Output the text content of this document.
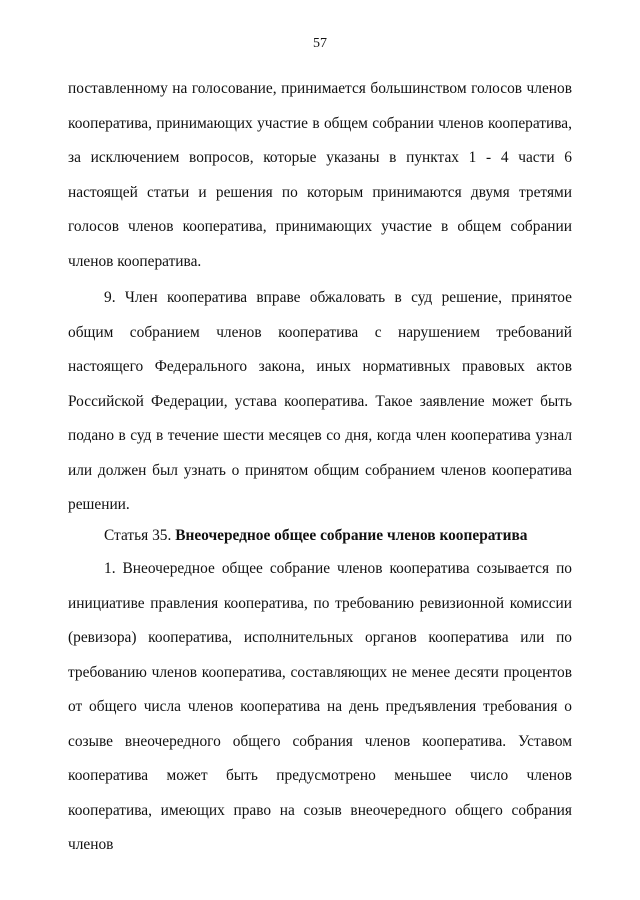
57

поставленному на голосование, принимается большинством голосов членов кооператива, принимающих участие в общем собрании членов кооператива, за исключением вопросов, которые указаны в пунктах 1 - 4 части 6 настоящей статьи и решения по которым принимаются двумя третями голосов членов кооператива, принимающих участие в общем собрании членов кооператива.

9. Член кооператива вправе обжаловать в суд решение, принятое общим собранием членов кооператива с нарушением требований настоящего Федерального закона, иных нормативных правовых актов Российской Федерации, устава кооператива. Такое заявление может быть подано в суд в течение шести месяцев со дня, когда член кооператива узнал или должен был узнать о принятом общим собранием членов кооператива решении.

Статья 35. Внеочередное общее собрание членов кооператива

1. Внеочередное общее собрание членов кооператива созывается по инициативе правления кооператива, по требованию ревизионной комиссии (ревизора) кооператива, исполнительных органов кооператива или по требованию членов кооператива, составляющих не менее десяти процентов от общего числа членов кооператива на день предъявления требования о созыве внеочередного общего собрания членов кооператива. Уставом кооператива может быть предусмотрено меньшее число членов кооператива, имеющих право на созыв внеочередного общего собрания членов
